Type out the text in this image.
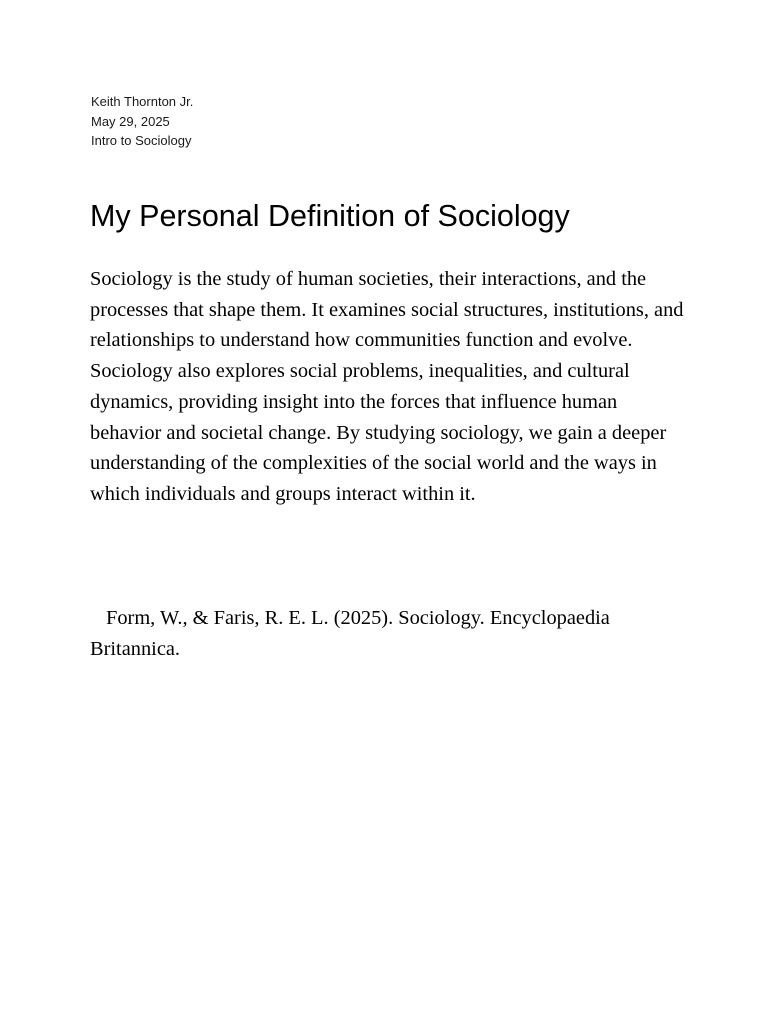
Keith Thornton Jr.
May 29, 2025
Intro to Sociology
My Personal Definition of Sociology

Sociology is the study of human societies, their interactions, and the processes that shape them. It examines social structures, institutions, and relationships to understand how communities function and evolve. Sociology also explores social problems, inequalities, and cultural dynamics, providing insight into the forces that influence human behavior and societal change. By studying sociology, we gain a deeper understanding of the complexities of the social world and the ways in which individuals and groups interact within it.

Form, W., & Faris, R. E. L. (2025). Sociology. Encyclopaedia Britannica.
